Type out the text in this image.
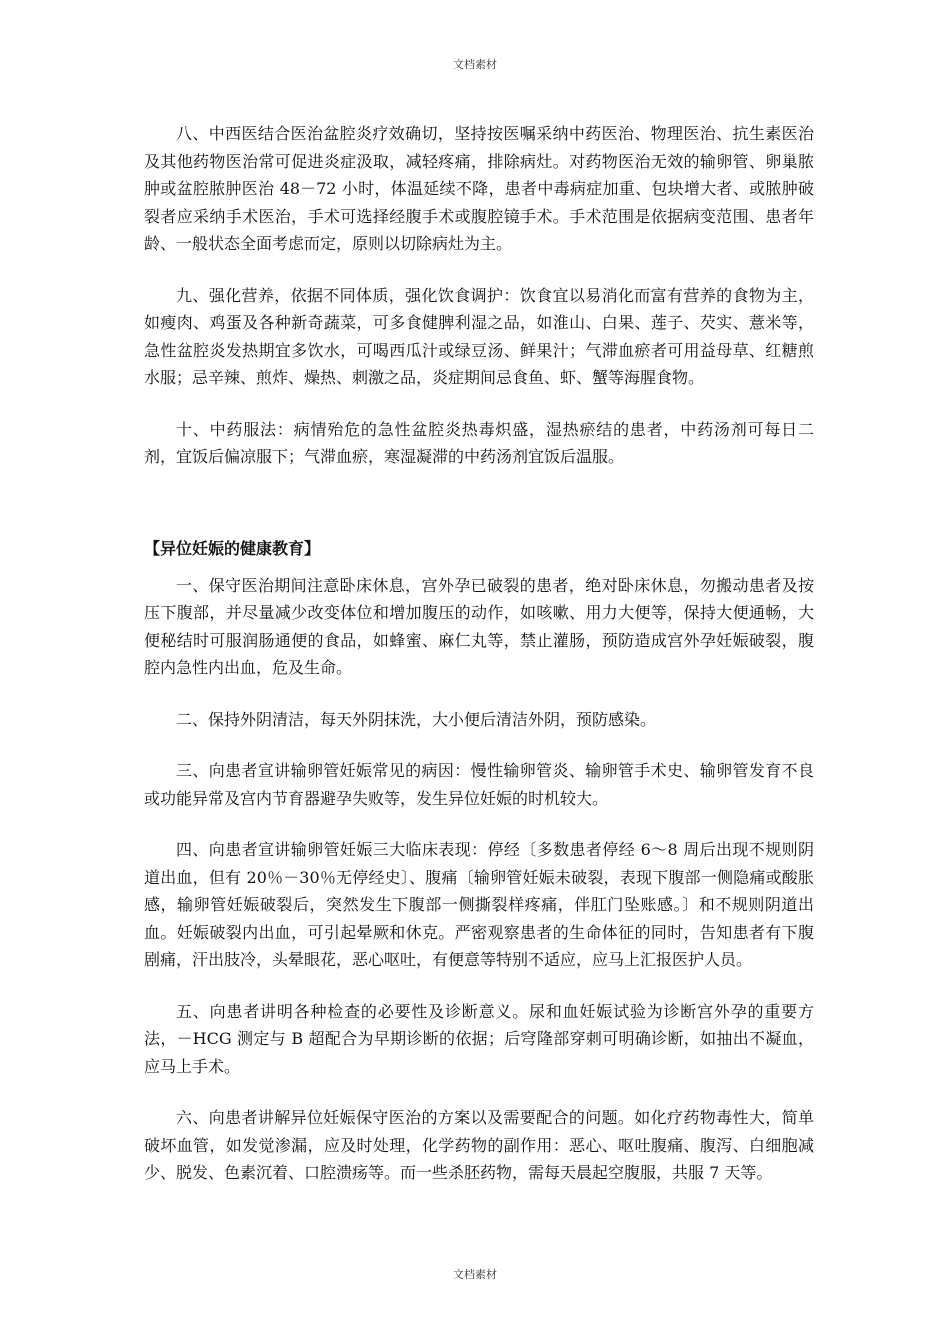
文档素材

八、中西医结合医治盆腔炎疗效确切，坚持按医嘱采纳中药医治、物理医治、抗生素医治及其他药物医治常可促进炎症汲取，减轻疼痛，排除病灶。对药物医治无效的输卵管、卵巢脓肿或盆腔脓肿医治 48－72 小时，体温延续不降，患者中毒病症加重、包块增大者、或脓肿破裂者应采纳手术医治，手术可选择经腹手术或腹腔镜手术。手术范围是依据病变范围、患者年龄、一般状态全面考虑而定，原则以切除病灶为主。

九、强化营养，依据不同体质，强化饮食调护：饮食宜以易消化而富有营养的食物为主，如瘦肉、鸡蛋及各种新奇蔬菜，可多食健脾利湿之品，如淮山、白果、莲子、芡实、薏米等，急性盆腔炎发热期宜多饮水，可喝西瓜汁或绿豆汤、鲜果汁；气滞血瘀者可用益母草、红糖煎水服；忌辛辣、煎炸、燥热、刺激之品，炎症期间忌食鱼、虾、蟹等海腥食物。

十、中药服法：病情殆危的急性盆腔炎热毒炽盛，湿热瘀结的患者，中药汤剂可每日二剂，宜饭后偏凉服下；气滞血瘀，寒湿凝滞的中药汤剂宜饭后温服。

【异位妊娠的健康教育】

一、保守医治期间注意卧床休息，宫外孕已破裂的患者，绝对卧床休息，勿搬动患者及按压下腹部，并尽量减少改变体位和增加腹压的动作，如咳嗽、用力大便等，保持大便通畅，大便秘结时可服润肠通便的食品，如蜂蜜、麻仁丸等，禁止灌肠，预防造成宫外孕妊娠破裂，腹腔内急性内出血，危及生命。

二、保持外阴清洁，每天外阴抹洗，大小便后清洁外阴，预防感染。

三、向患者宣讲输卵管妊娠常见的病因：慢性输卵管炎、输卵管手术史、输卵管发育不良或功能异常及宫内节育器避孕失败等，发生异位妊娠的时机较大。

四、向患者宣讲输卵管妊娠三大临床表现：停经〔多数患者停经 6～8 周后出现不规则阴道出血，但有 20％－30％无停经史〕、腹痛〔输卵管妊娠未破裂，表现下腹部一侧隐痛或酸胀感，输卵管妊娠破裂后，突然发生下腹部一侧撕裂样疼痛，伴肛门坠账感。〕和不规则阴道出血。妊娠破裂内出血，可引起晕厥和休克。严密观察患者的生命体征的同时，告知患者有下腹剧痛，汗出肢冷，头晕眼花，恶心呕吐，有便意等特别不适应，应马上汇报医护人员。

五、向患者讲明各种检查的必要性及诊断意义。尿和血妊娠试验为诊断宫外孕的重要方法，－HCG 测定与 B 超配合为早期诊断的依据；后穹隆部穿刺可明确诊断，如抽出不凝血，应马上手术。

六、向患者讲解异位妊娠保守医治的方案以及需要配合的问题。如化疗药物毒性大，简单破坏血管，如发觉渗漏，应及时处理，化学药物的副作用：恶心、呕吐腹痛、腹泻、白细胞减少、脱发、色素沉着、口腔溃疡等。而一些杀胚药物，需每天晨起空腹服，共服 7 天等。

文档素材
